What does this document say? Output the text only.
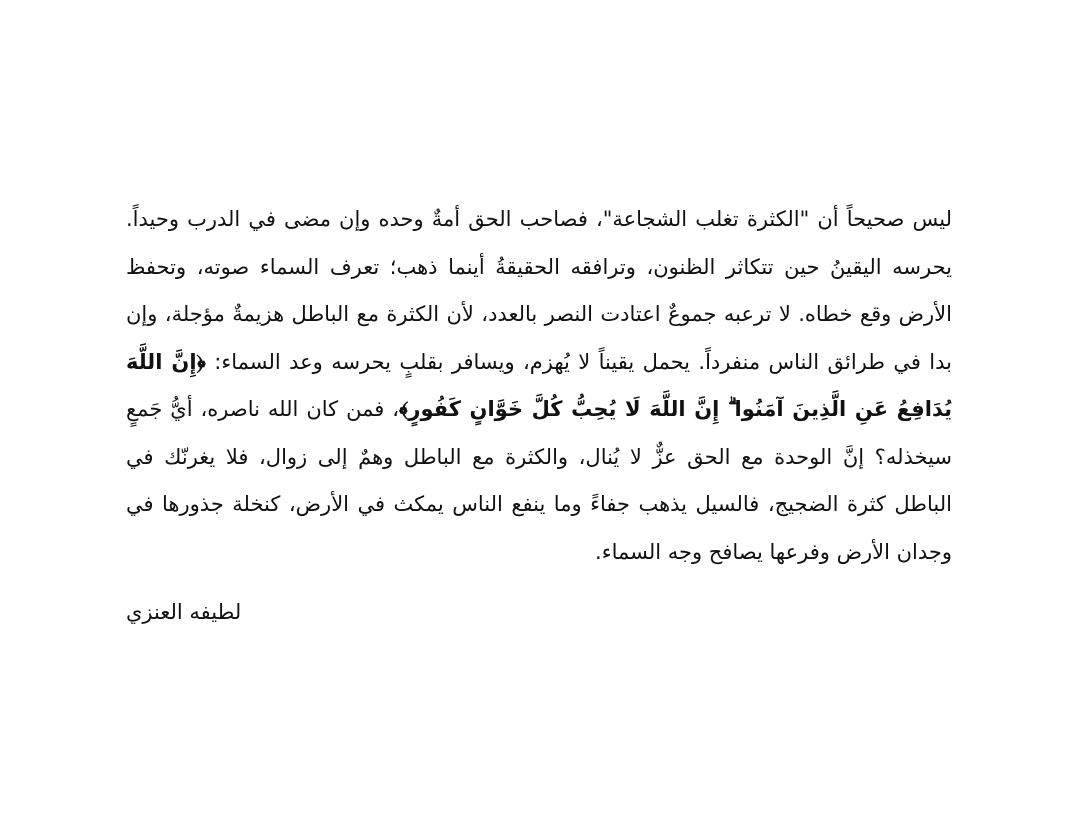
ليس صحيحاً أن "الكثرة تغلب الشجاعة"، فصاحب الحق أمةٌ وحده وإن مضى في الدرب وحيداً. يحرسه اليقينُ حين تتكاثر الظنون، وترافقه الحقيقةُ أينما ذهب؛ تعرف السماء صوته، وتحفظ الأرض وقع خطاه. لا ترعبه جموعٌ اعتادت النصر بالعدد، لأن الكثرة مع الباطل هزيمةٌ مؤجلة، وإن بدا في طرائق الناس منفرداً. يحمل يقيناً لا يُهزم، ويسافر بقلبٍ يحرسه وعد السماء: ﴿إِنَّ اللَّهَ يُدَافِعُ عَنِ الَّذِينَ آمَنُوا ۗ إِنَّ اللَّهَ لَا يُحِبُّ كُلَّ خَوَّانٍ كَفُورٍ﴾، فمن كان الله ناصره، أيُّ جَمعٍ سيخذله؟ إنَّ الوحدة مع الحق عزٌّ لا يُنال، والكثرة مع الباطل وهمٌ إلى زوال، فلا يغرنّك في الباطل كثرة الضجيج، فالسيل يذهب جفاءً وما ينفع الناس يمكث في الأرض، كنخلة جذورها في وجدان الأرض وفرعها يصافح وجه السماء.

لطيفه العنزي
